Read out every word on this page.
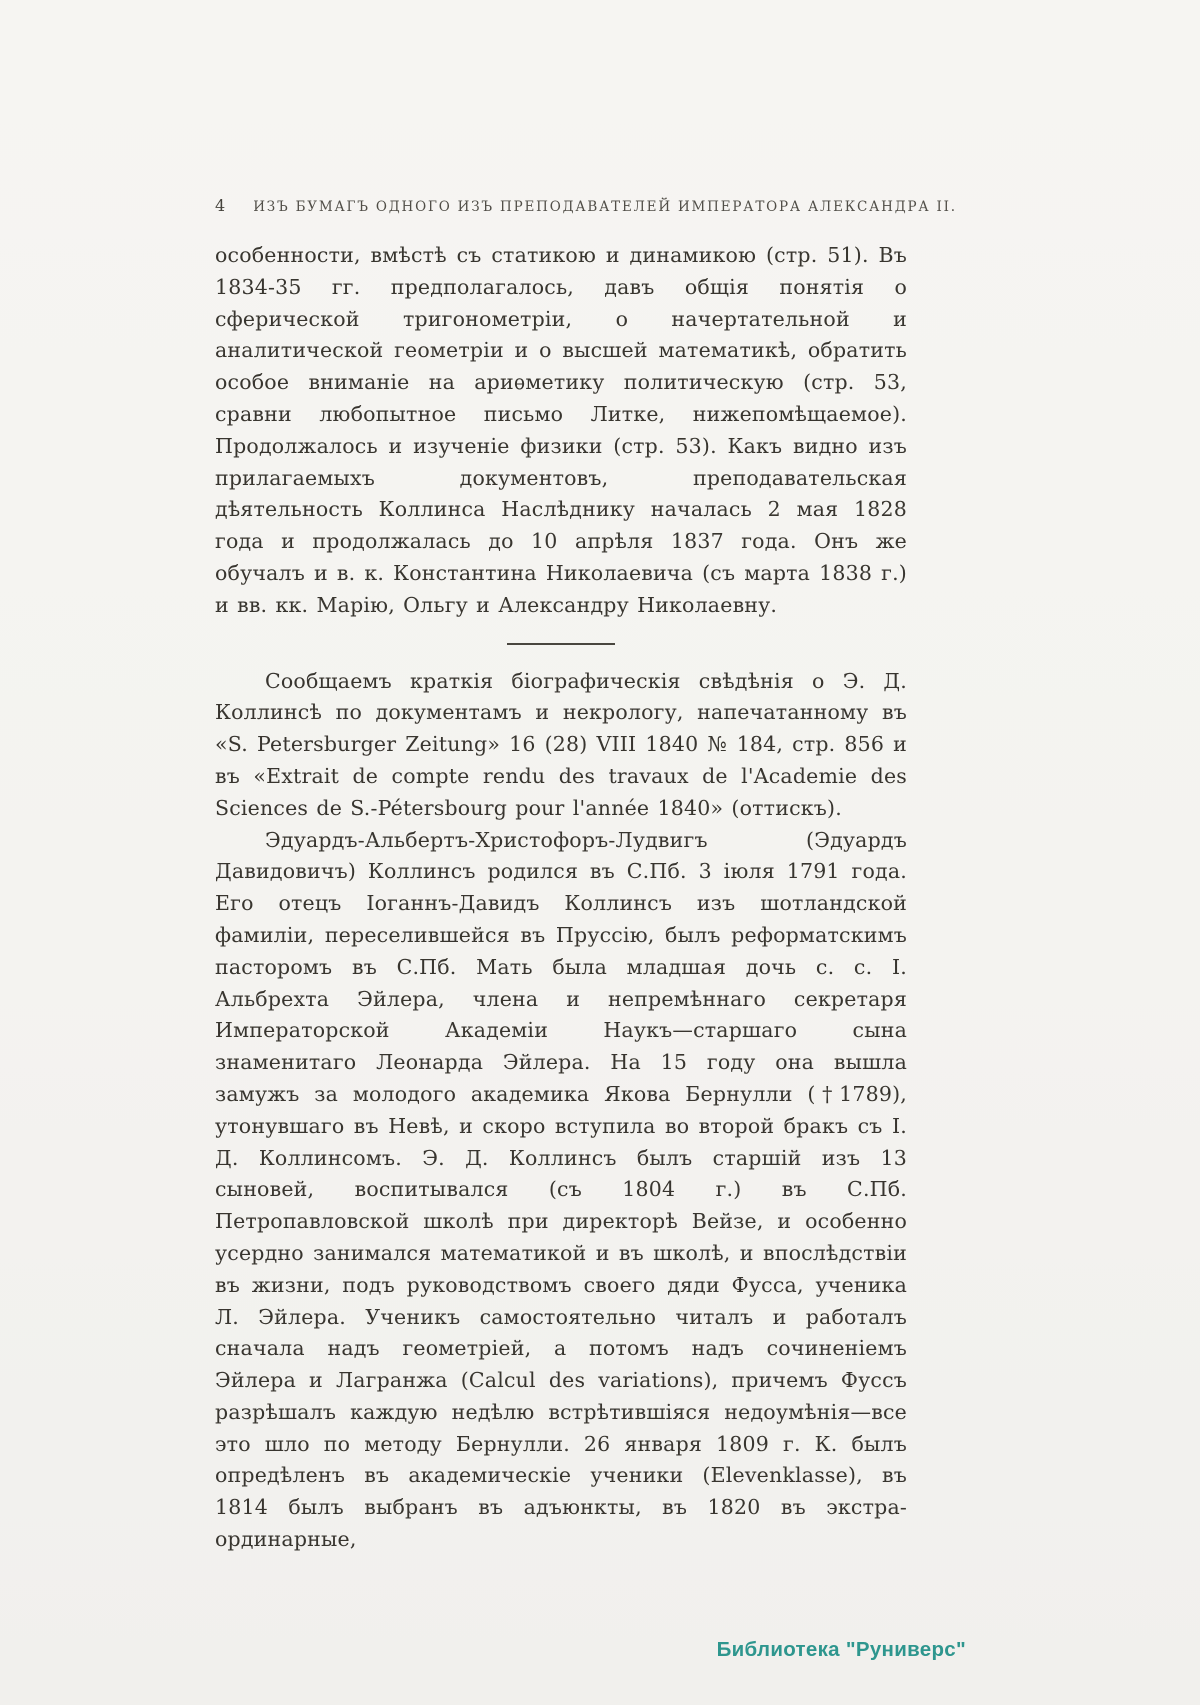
4 ИЗЪ БУМАГЪ ОДНОГО ИЗЪ ПРЕПОДАВАТЕЛЕЙ ИМПЕРАТОРА АЛЕКСАНДРА II.

особенности, вмѣстѣ съ статикою и динамикою (стр. 51). Въ 1834-35 гг. предполагалось, давъ общія понятія о сферической тригонометріи, о начертательной и аналитической геометріи и о высшей математикѣ, обратить особое вниманіе на ариѳметику политическую (стр. 53, сравни любопытное письмо Литке, нижепомѣщаемое). Продолжалось и изученіе физики (стр. 53). Какъ видно изъ прилагаемыхъ документовъ, преподавательская дѣятельность Коллинса Наслѣднику началась 2 мая 1828 года и продолжалась до 10 апрѣля 1837 года. Онъ же обучалъ и в. к. Константина Николаевича (съ марта 1838 г.) и вв. кк. Марію, Ольгу и Александру Николаевну.

Сообщаемъ краткія біографическія свѣдѣнія о Э. Д. Коллинсѣ по документамъ и некрологу, напечатанному въ «S. Petersburger Zeitung» 16 (28) VIII 1840 № 184, стр. 856 и въ «Extrait de compte rendu des travaux de l'Academie des Sciences de S.-Pétersbourg pour l'année 1840» (оттискъ).

Эдуардъ-Альбертъ-Христофоръ-Лудвигъ (Эдуардъ Давидовичъ) Коллинсъ родился въ С.Пб. 3 іюля 1791 года. Его отецъ Іоганнъ-Давидъ Коллинсъ изъ шотландской фамиліи, переселившейся въ Пруссію, былъ реформатскимъ пасторомъ въ С.Пб. Мать была младшая дочь с. с. І. Альбрехта Эйлера, члена и непремѣннаго секретаря Императорской Академіи Наукъ—старшаго сына знаменитаго Леонарда Эйлера. На 15 году она вышла замужъ за молодого академика Якова Бернулли (†1789), утонувшаго въ Невѣ, и скоро вступила во второй бракъ съ І. Д. Коллинсомъ. Э. Д. Коллинсъ былъ старшій изъ 13 сыновей, воспитывался (съ 1804 г.) въ С.Пб. Петропавловской школѣ при директорѣ Вейзе, и особенно усердно занимался математикой и въ школѣ, и впослѣдствіи въ жизни, подъ руководствомъ своего дяди Фусса, ученика Л. Эйлера. Ученикъ самостоятельно читалъ и работалъ сначала надъ геометріей, а потомъ надъ сочиненіемъ Эйлера и Лагранжа (Calcul des variations), причемъ Фуссъ разрѣшалъ каждую недѣлю встрѣтившіяся недоумѣнія—все это шло по методу Бернулли. 26 января 1809 г. К. былъ опредѣленъ въ академическіе ученики (Elevenklasse), въ 1814 былъ выбранъ въ адъюнкты, въ 1820 въ экстра-ординарные,

Библиотека "Руниверс"
